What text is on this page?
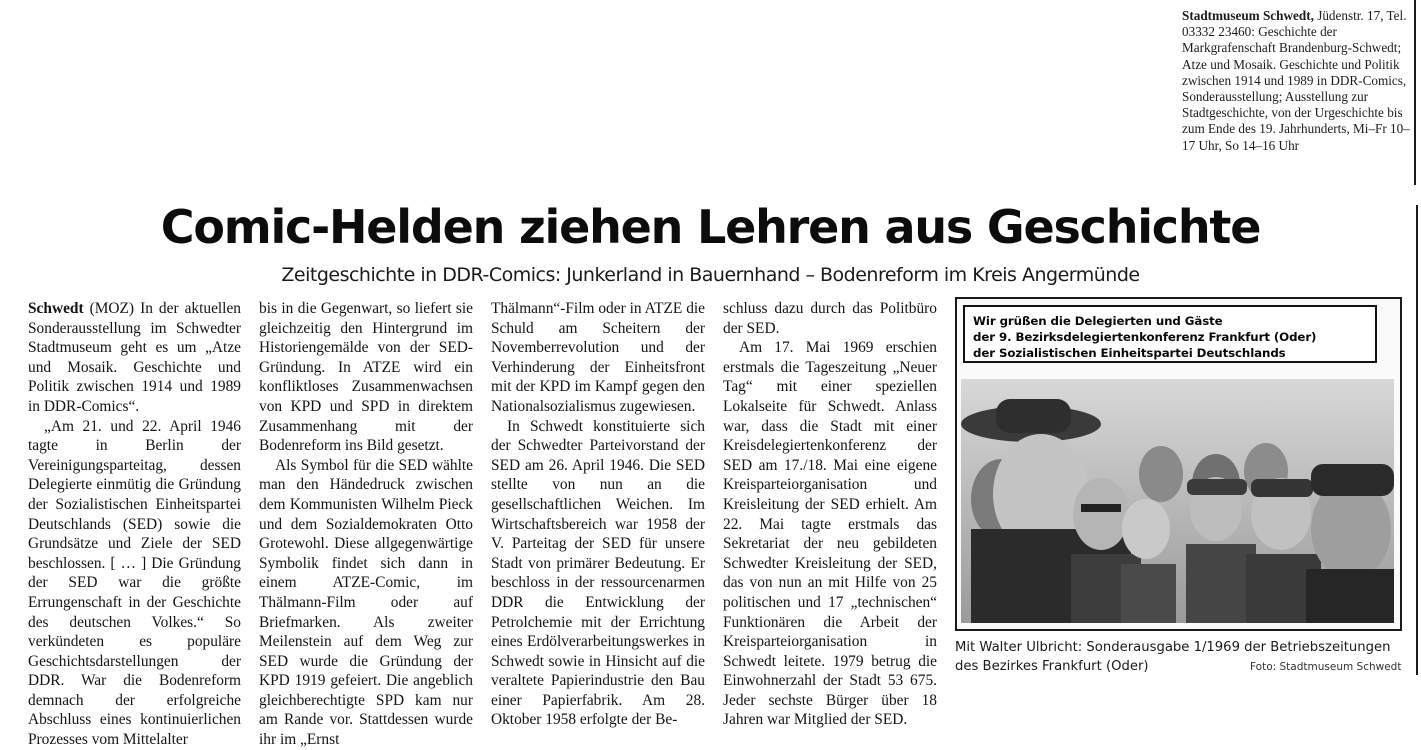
Stadtmuseum Schwedt, Jüdenstr. 17, Tel. 03332 23460: Geschichte der Markgrafenschaft Brandenburg-Schwedt; Atze und Mosaik. Geschichte und Politik zwischen 1914 und 1989 in DDR-Comics, Sonderausstellung; Ausstellung zur Stadtgeschichte, von der Urgeschichte bis zum Ende des 19. Jahrhunderts, Mi–Fr 10–17 Uhr, So 14–16 Uhr
Comic-Helden ziehen Lehren aus Geschichte
Zeitgeschichte in DDR-Comics: Junkerland in Bauernhand – Bodenreform im Kreis Angermünde

Schwedt (MOZ) In der aktuellen Sonderausstellung im Schwedter Stadtmuseum geht es um „Atze und Mosaik. Geschichte und Politik zwischen 1914 und 1989 in DDR-Comics“.

„Am 21. und 22. April 1946 tagte in Berlin der Vereinigungsparteitag, dessen Delegierte einmütig die Gründung der Sozialistischen Einheitspartei Deutschlands (SED) sowie die Grundsätze und Ziele der SED beschlossen. [ … ] Die Gründung der SED war die größte Errungenschaft in der Geschichte des deutschen Volkes.“ So verkündeten es populäre Geschichtsdarstellungen der DDR. War die Bodenreform demnach der erfolgreiche Abschluss eines kontinuierlichen Prozesses vom Mittelalter

bis in die Gegenwart, so liefert sie gleichzeitig den Hintergrund im Historiengemälde von der SED-Gründung. In ATZE wird ein konfliktloses Zusammenwachsen von KPD und SPD in direktem Zusammenhang mit der Bodenreform ins Bild gesetzt.

Als Symbol für die SED wählte man den Händedruck zwischen dem Kommunisten Wilhelm Pieck und dem Sozialdemokraten Otto Grotewohl. Diese allgegenwärtige Symbolik findet sich dann in einem ATZE-Comic, im Thälmann-Film oder auf Briefmarken. Als zweiter Meilenstein auf dem Weg zur SED wurde die Gründung der KPD 1919 gefeiert. Die angeblich gleichberechtigte SPD kam nur am Rande vor. Stattdessen wurde ihr im „Ernst

Thälmann“-Film oder in ATZE die Schuld am Scheitern der Novemberrevolution und der Verhinderung der Einheitsfront mit der KPD im Kampf gegen den Nationalsozialismus zugewiesen.

In Schwedt konstituierte sich der Schwedter Parteivorstand der SED am 26. April 1946. Die SED stellte von nun an die gesellschaftlichen Weichen. Im Wirtschaftsbereich war 1958 der V. Parteitag der SED für unsere Stadt von primärer Bedeutung. Er beschloss in der ressourcenarmen DDR die Entwicklung der Petrolchemie mit der Errichtung eines Erdölverarbeitungswerkes in Schwedt sowie in Hinsicht auf die veraltete Papierindustrie den Bau einer Papierfabrik. Am 28. Oktober 1958 erfolgte der Be-

schluss dazu durch das Politbüro der SED.

Am 17. Mai 1969 erschien erstmals die Tageszeitung „Neuer Tag“ mit einer speziellen Lokalseite für Schwedt. Anlass war, dass die Stadt mit einer Kreisdelegiertenkonferenz der SED am 17./18. Mai eine eigene Kreisparteiorganisation und Kreisleitung der SED erhielt. Am 22. Mai tagte erstmals das Sekretariat der neu gebildeten Schwedter Kreisleitung der SED, das von nun an mit Hilfe von 25 politischen und 17 „technischen“ Funktionären die Arbeit der Kreisparteiorganisation in Schwedt leitete. 1979 betrug die Einwohnerzahl der Stadt 53 675. Jeder sechste Bürger über 18 Jahren war Mitglied der SED.

Wir grüßen die Delegierten und Gäste
der 9. Bezirksdelegiertenkonferenz Frankfurt (Oder)
der Sozialistischen Einheitspartei Deutschlands
Mit Walter Ulbricht: Sonderausgabe 1/1969 der Betriebszeitungen des Bezirkes Frankfurt (Oder)	Foto: Stadtmuseum Schwedt
